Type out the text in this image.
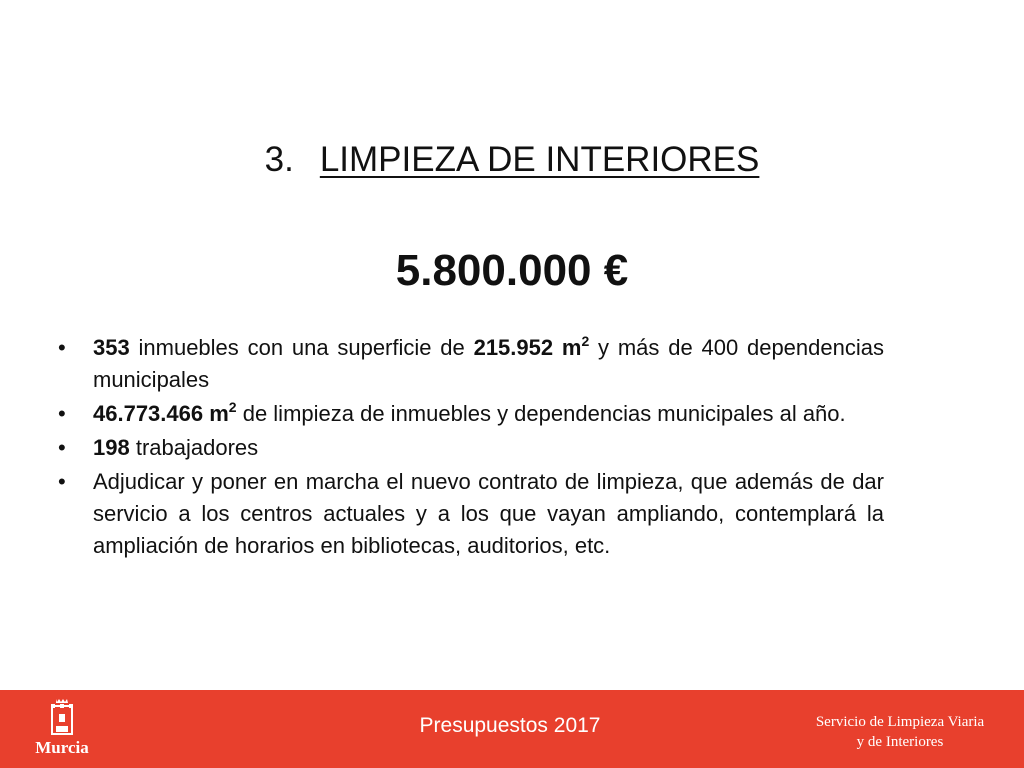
3. LIMPIEZA DE INTERIORES
5.800.000 €
•	353 inmuebles con una superficie de 215.952 $m^2$ y más de 400 dependencias municipales
•	46.773.466 $m^2$ de limpieza de inmuebles y dependencias municipales al año.
•	198 trabajadores
•	Adjudicar y poner en marcha el nuevo contrato de limpieza, que además de dar servicio a los centros actuales y a los que vayan ampliando, contemplará la ampliación de horarios en bibliotecas, auditorios, etc.
Murcia
Presupuestos 2017	Servicio de Limpieza Viaria
y de Interiores
